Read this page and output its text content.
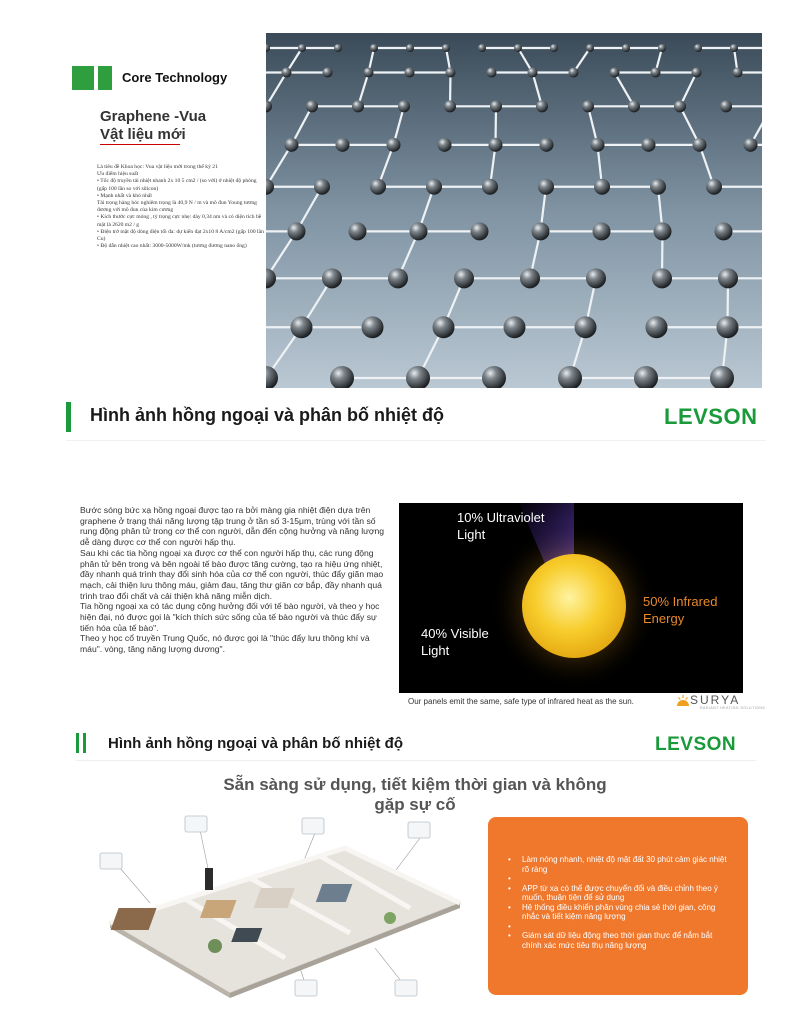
Core Technology
Graphene -Vua
Vật liệu mới
Là tiêu đề Khoa học: Vua vật liệu mới trong thế kỷ 21
Ưu điểm hiệu suất
• Tốc độ truyền tải nhiệt nhanh 2x 10 5 cm2 / (so với) ở nhiệt độ phòng (gấp 100 lần so với silicon)
• Mạnh nhất và khó nhất
Tải trọng hàng hóc nghiêm trọng là 40,9 N / m và mô đun Young tương đương với mô đun của kim cương
• Kích thước cực mỏng , tỷ trọng cực nhẹ: dày 0,34 nm và có diện tích bề mặt là 2620 m2 / g
• Điện trở mật độ dòng điện tối đa: dự kiến đạt 2x10 8 A/cm2 (gấp 100 lần Cu)
• Độ dẫn nhiệt cao nhất: 3000-5000W/mk (tương đương nano ống)
Hình ảnh hồng ngoại và phân bố nhiệt độ	LEVSON
Bước sóng bức xạ hồng ngoại được tạo ra bởi màng gia nhiệt điện dựa trên graphene ở trạng thái năng lượng tập trung ở tần số 3-15μm, trùng với tần số rung động phân tử trong cơ thể con người, dẫn đến cộng hưởng và năng lượng dễ dàng được cơ thể con người hấp thụ.
Sau khi các tia hồng ngoại xa được cơ thể con người hấp thụ, các rung động phân tử bên trong và bên ngoài tế bào được tăng cường, tạo ra hiệu ứng nhiệt, đầy nhanh quá trình thay đổi sinh hóa của cơ thể con người, thúc đẩy giãn mạo mạch, cải thiện lưu thông máu, giảm đau, tăng thư giãn cơ bắp, đầy nhanh quá trình trao đổi chất và cải thiện khả năng miễn dịch.
Tia hồng ngoại xa có tác dụng cộng hưởng đối với tế bào người, và theo y học hiện đại, nó được gọi là "kích thích sức sống của tế bào người và thúc đẩy sự tiến hóa của tế bào".
Theo y học cổ truyền Trung Quốc, nó được gọi là "thúc đẩy lưu thông khí và máu". vòng, tăng năng lượng dương".
10% Ultraviolet
Light
50% Infrared
Energy
40% Visible
Light
Our panels emit the same, safe type of infrared heat as the sun.	SURYA
RADIANT HEATING SOLUTIONS
Hình ảnh hồng ngoại và phân bố nhiệt độ	LEVSON
Sẵn sàng sử dụng, tiết kiệm thời gian và không
gặp sự cố
• Làm nóng nhanh, nhiệt độ mặt đất 30 phút cảm giác nhiệt rõ ràng
•
• APP từ xa có thể được chuyển đổi và điều chỉnh theo ý muốn, thuận tiện để sử dụng
• Hệ thống điều khiển phân vùng chia sẻ thời gian, công nhắc và tiết kiệm năng lượng
•
• Giám sát dữ liệu động theo thời gian thực để nắm bắt chính xác mức tiêu thụ năng lượng
